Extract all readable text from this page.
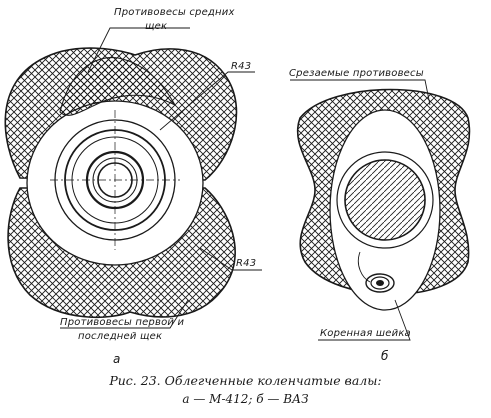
Противовесы средних
щек
R43
R43
Противовесы первой и
последней щек
а
Срезаемые противовесы
Коренная шейка
б
Рис. 23. Облегченные коленчатые валы:
а — М-412; б — ВАЗ
